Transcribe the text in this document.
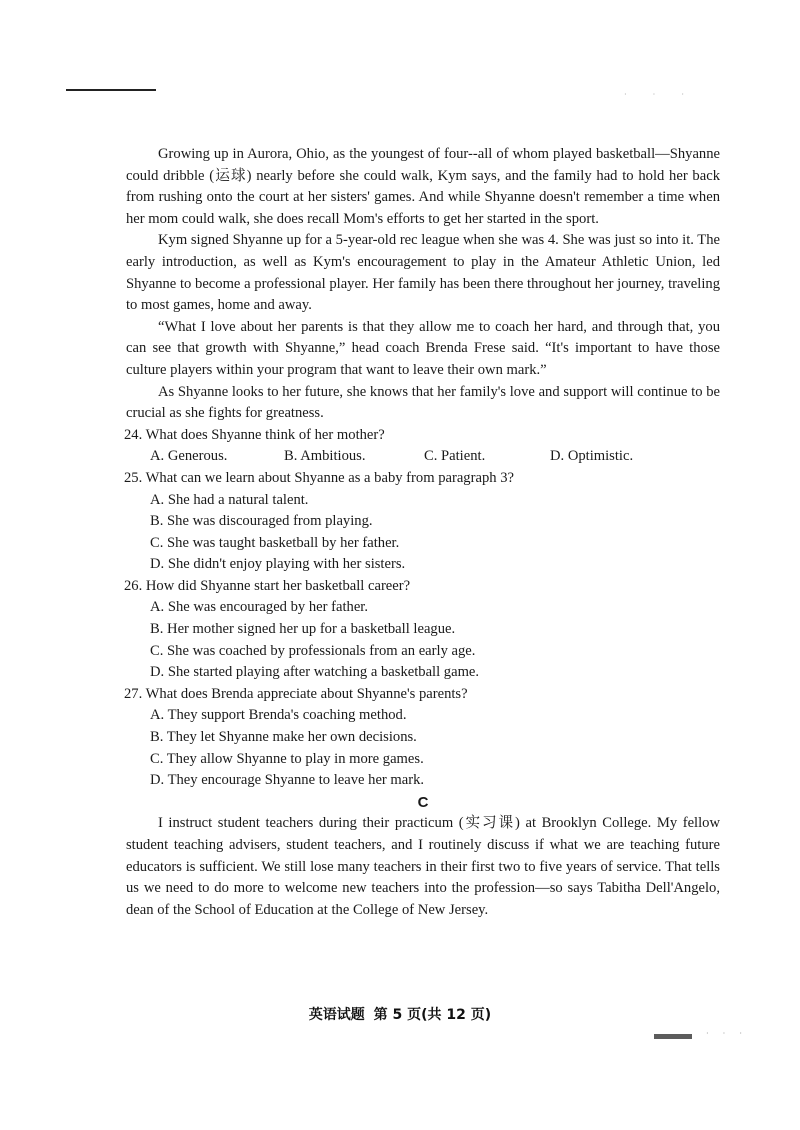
· · ·

Growing up in Aurora, Ohio, as the youngest of four--all of whom played basketball—Shyanne could dribble (运球) nearly before she could walk, Kym says, and the family had to hold her back from rushing onto the court at her sisters' games. And while Shyanne doesn't remember a time when her mom could walk, she does recall Mom's efforts to get her started in the sport.

Kym signed Shyanne up for a 5-year-old rec league when she was 4. She was just so into it. The early introduction, as well as Kym's encouragement to play in the Amateur Athletic Union, led Shyanne to become a professional player. Her family has been there throughout her journey, traveling to most games, home and away.

“What I love about her parents is that they allow me to coach her hard, and through that, you can see that growth with Shyanne,” head coach Brenda Frese said. “It's important to have those culture players within your program that want to leave their own mark.”

As Shyanne looks to her future, she knows that her family's love and support will continue to be crucial as she fights for greatness.

24. What does Shyanne think of her mother?

A. Generous.	B. Ambitious.	C. Patient.	D. Optimistic.

25. What can we learn about Shyanne as a baby from paragraph 3?

A. She had a natural talent.

B. She was discouraged from playing.

C. She was taught basketball by her father.

D. She didn't enjoy playing with her sisters.

26. How did Shyanne start her basketball career?

A. She was encouraged by her father.

B. Her mother signed her up for a basketball league.

C. She was coached by professionals from an early age.

D. She started playing after watching a basketball game.

27. What does Brenda appreciate about Shyanne's parents?

A. They support Brenda's coaching method.

B. They let Shyanne make her own decisions.

C. They allow Shyanne to play in more games.

D. They encourage Shyanne to leave her mark.

C

I instruct student teachers during their practicum (实习课) at Brooklyn College. My fellow student teaching advisers, student teachers, and I routinely discuss if what we are teaching future educators is sufficient. We still lose many teachers in their first two to five years of service. That tells us we need to do more to welcome new teachers into the profession—so says Tabitha Dell'Angelo, dean of the School of Education at the College of New Jersey.

英语试题 第 5 页(共 12 页)
· · ·
